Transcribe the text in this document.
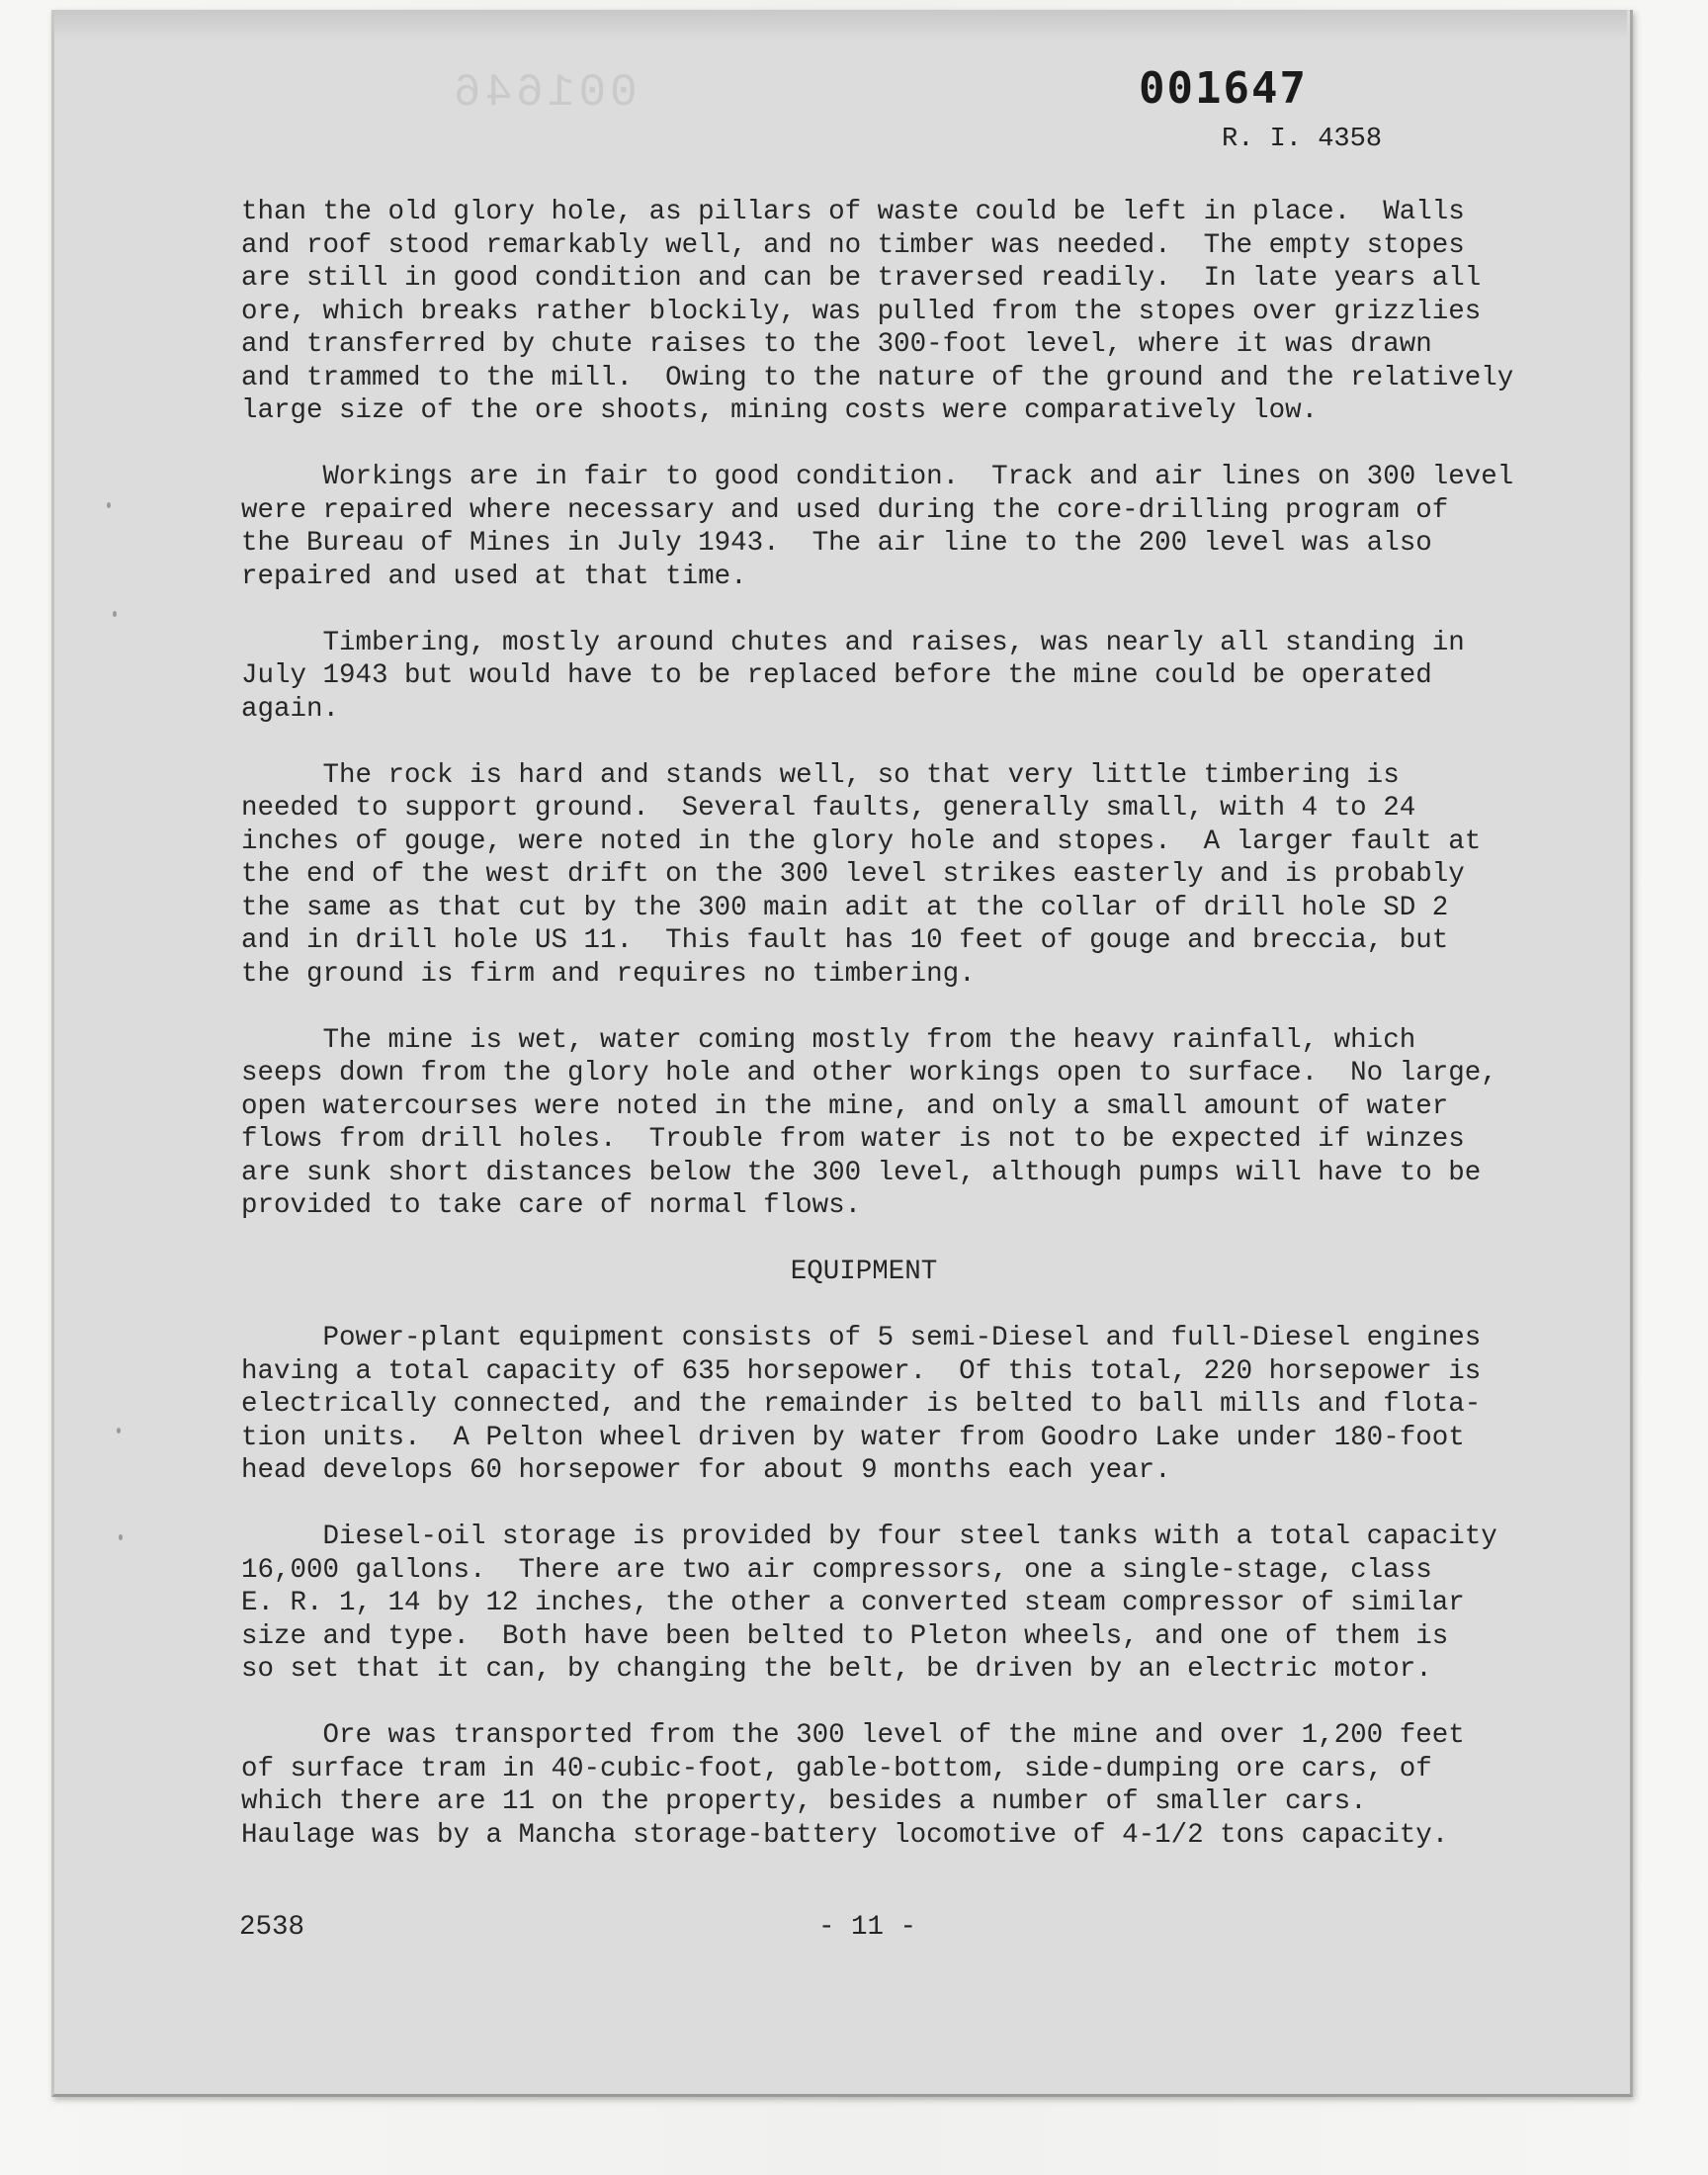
001646	001647
R. I. 4358
than the old glory hole, as pillars of waste could be left in place.  Walls
and roof stood remarkably well, and no timber was needed.  The empty stopes
are still in good condition and can be traversed readily.  In late years all
ore, which breaks rather blockily, was pulled from the stopes over grizzlies
and transferred by chute raises to the 300-foot level, where it was drawn
and trammed to the mill.  Owing to the nature of the ground and the relatively
large size of the ore shoots, mining costs were comparatively low.
Workings are in fair to good condition.  Track and air lines on 300 level
were repaired where necessary and used during the core-drilling program of
the Bureau of Mines in July 1943.  The air line to the 200 level was also
repaired and used at that time.
Timbering, mostly around chutes and raises, was nearly all standing in
July 1943 but would have to be replaced before the mine could be operated
again.
The rock is hard and stands well, so that very little timbering is
needed to support ground.  Several faults, generally small, with 4 to 24
inches of gouge, were noted in the glory hole and stopes.  A larger fault at
the end of the west drift on the 300 level strikes easterly and is probably
the same as that cut by the 300 main adit at the collar of drill hole SD 2
and in drill hole US 11.  This fault has 10 feet of gouge and breccia, but
the ground is firm and requires no timbering.
The mine is wet, water coming mostly from the heavy rainfall, which
seeps down from the glory hole and other workings open to surface.  No large,
open watercourses were noted in the mine, and only a small amount of water
flows from drill holes.  Trouble from water is not to be expected if winzes
are sunk short distances below the 300 level, although pumps will have to be
provided to take care of normal flows.
EQUIPMENT
Power-plant equipment consists of 5 semi-Diesel and full-Diesel engines
having a total capacity of 635 horsepower.  Of this total, 220 horsepower is
electrically connected, and the remainder is belted to ball mills and flota-
tion units.  A Pelton wheel driven by water from Goodro Lake under 180-foot
head develops 60 horsepower for about 9 months each year.
Diesel-oil storage is provided by four steel tanks with a total capacity
16,000 gallons.  There are two air compressors, one a single-stage, class
E. R. 1, 14 by 12 inches, the other a converted steam compressor of similar
size and type.  Both have been belted to Pleton wheels, and one of them is
so set that it can, by changing the belt, be driven by an electric motor.
Ore was transported from the 300 level of the mine and over 1,200 feet
of surface tram in 40-cubic-foot, gable-bottom, side-dumping ore cars, of
which there are 11 on the property, besides a number of smaller cars.
Haulage was by a Mancha storage-battery locomotive of 4-1/2 tons capacity.
2538	- 11 -
